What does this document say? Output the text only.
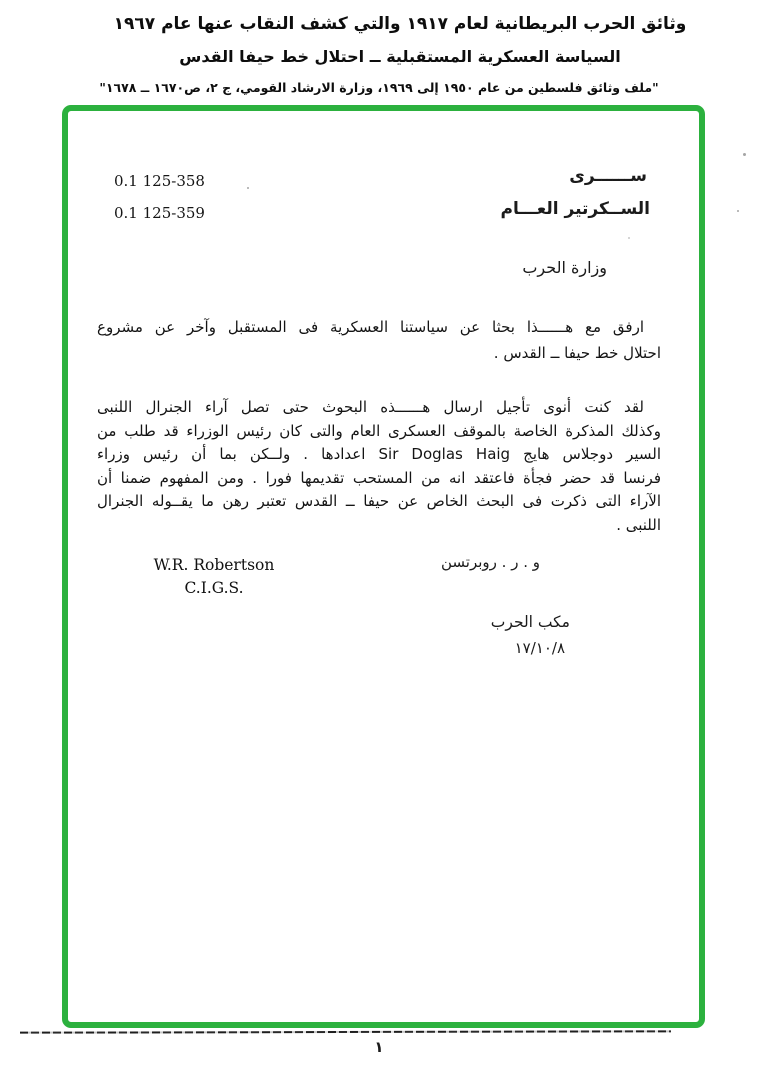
وثائق الحرب البريطانية لعام ١٩١٧ والتي كشف النقاب عنها عام ١٩٦٧
السياسة العسكرية المستقبلية ــ احتلال خط حيفا القدس
"ملف وثائق فلسطين من عام ١٩٥٠ إلى ١٩٦٩، وزارة الارشاد القومي، ج ٢، ص١٦٧٠ ــ ١٦٧٨"
ســــــرى
الســكرتير العـــام
0.1 125-358
0.1 125-359
وزارة الحرب
ارفق مع هــــــذا بحثا عن سياستنا العسكرية فى المستقبل وآخر عن مشروع
احتلال خط حيفا ــ القدس .
لقد كنت أنوى تأجيل ارسال هــــــذه البحوث حتى تصل آراء الجنرال اللنبى
وكذلك المذكرة الخاصة بالموقف العسكرى العام والتى كان رئيس الوزراء قد طلب من
السير دوجلاس هايج Sir Doglas Haig اعدادها . ولــكن بما أن رئيس وزراء
فرنسا قد حضر فجأة فاعتقد انه من المستحب تقديمها فورا . ومن المفهوم ضمنا أن
الآراء التى ذكرت فى البحث الخاص عن حيفا ــ القدس تعتبر رهن ما يقــوله الجنرال
اللنبى .
و . ر . روبرتسن
W.R. Robertson
C.I.G.S.
مكب الحرب
١٧/١٠/٨
١
